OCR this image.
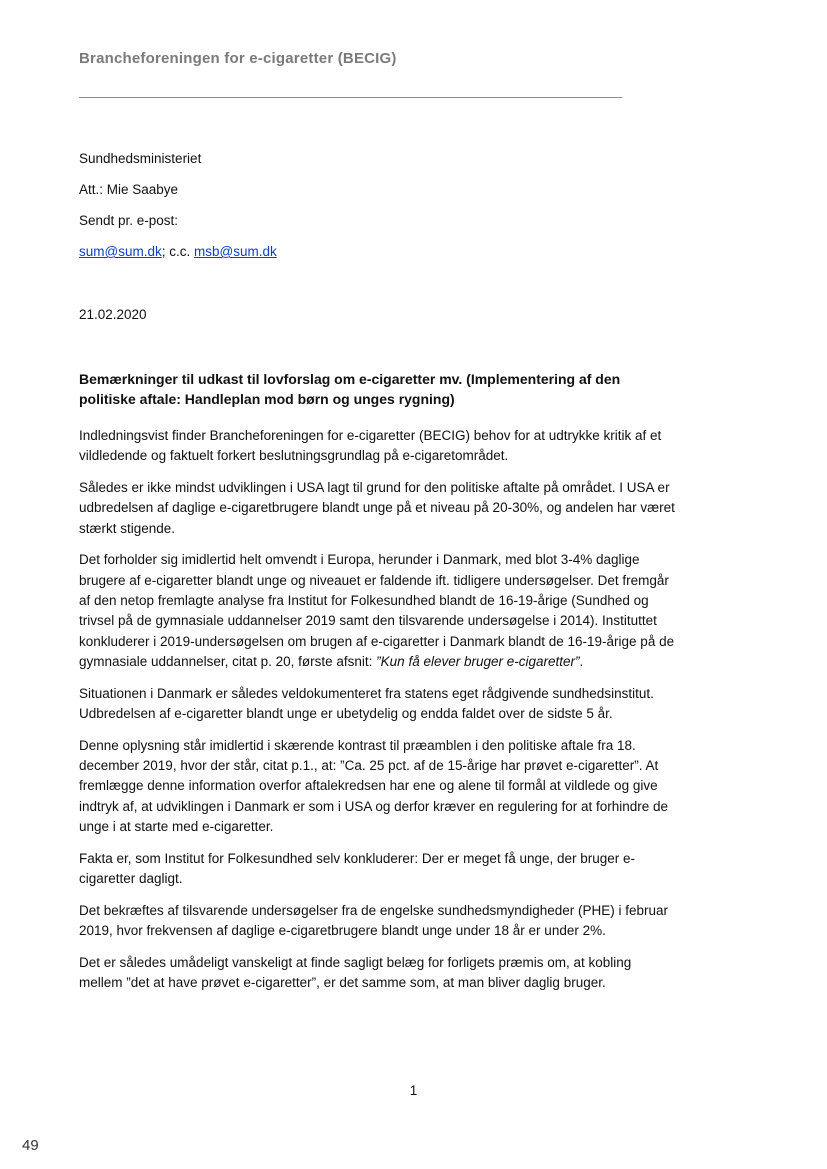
Brancheforeningen for e-cigaretter (BECIG)
Sundhedsministeriet
Att.: Mie Saabye
Sendt pr. e-post:
sum@sum.dk; c.c. msb@sum.dk
21.02.2020
Bemærkninger til udkast til lovforslag om e-cigaretter mv. (Implementering af den politiske aftale: Handleplan mod børn og unges rygning)

Indledningsvist finder Brancheforeningen for e-cigaretter (BECIG) behov for at udtrykke kritik af et vildledende og faktuelt forkert beslutningsgrundlag på e-cigaretområdet.

Således er ikke mindst udviklingen i USA lagt til grund for den politiske aftalte på området. I USA er udbredelsen af daglige e-cigaretbrugere blandt unge på et niveau på 20-30%, og andelen har været stærkt stigende.

Det forholder sig imidlertid helt omvendt i Europa, herunder i Danmark, med blot 3-4% daglige brugere af e-cigaretter blandt unge og niveauet er faldende ift. tidligere undersøgelser. Det fremgår af den netop fremlagte analyse fra Institut for Folkesundhed blandt de 16-19-årige (Sundhed og trivsel på de gymnasiale uddannelser 2019 samt den tilsvarende undersøgelse i 2014). Instituttet konkluderer i 2019-undersøgelsen om brugen af e-cigaretter i Danmark blandt de 16-19-årige på de gymnasiale uddannelser, citat p. 20, første afsnit: ”Kun få elever bruger e-cigaretter”.

Situationen i Danmark er således veldokumenteret fra statens eget rådgivende sundhedsinstitut. Udbredelsen af e-cigaretter blandt unge er ubetydelig og endda faldet over de sidste 5 år.

Denne oplysning står imidlertid i skærende kontrast til præamblen i den politiske aftale fra 18. december 2019, hvor der står, citat p.1., at: ”Ca. 25 pct. af de 15-årige har prøvet e-cigaretter”. At fremlægge denne information overfor aftalekredsen har ene og alene til formål at vildlede og give indtryk af, at udviklingen i Danmark er som i USA og derfor kræver en regulering for at forhindre de unge i at starte med e-cigaretter.

Fakta er, som Institut for Folkesundhed selv konkluderer: Der er meget få unge, der bruger e-cigaretter dagligt.

Det bekræftes af tilsvarende undersøgelser fra de engelske sundhedsmyndigheder (PHE) i februar 2019, hvor frekvensen af daglige e-cigaretbrugere blandt unge under 18 år er under 2%.

Det er således umådeligt vanskeligt at finde sagligt belæg for forligets præmis om, at kobling mellem ”det at have prøvet e-cigaretter”, er det samme som, at man bliver daglig bruger.

1
49
